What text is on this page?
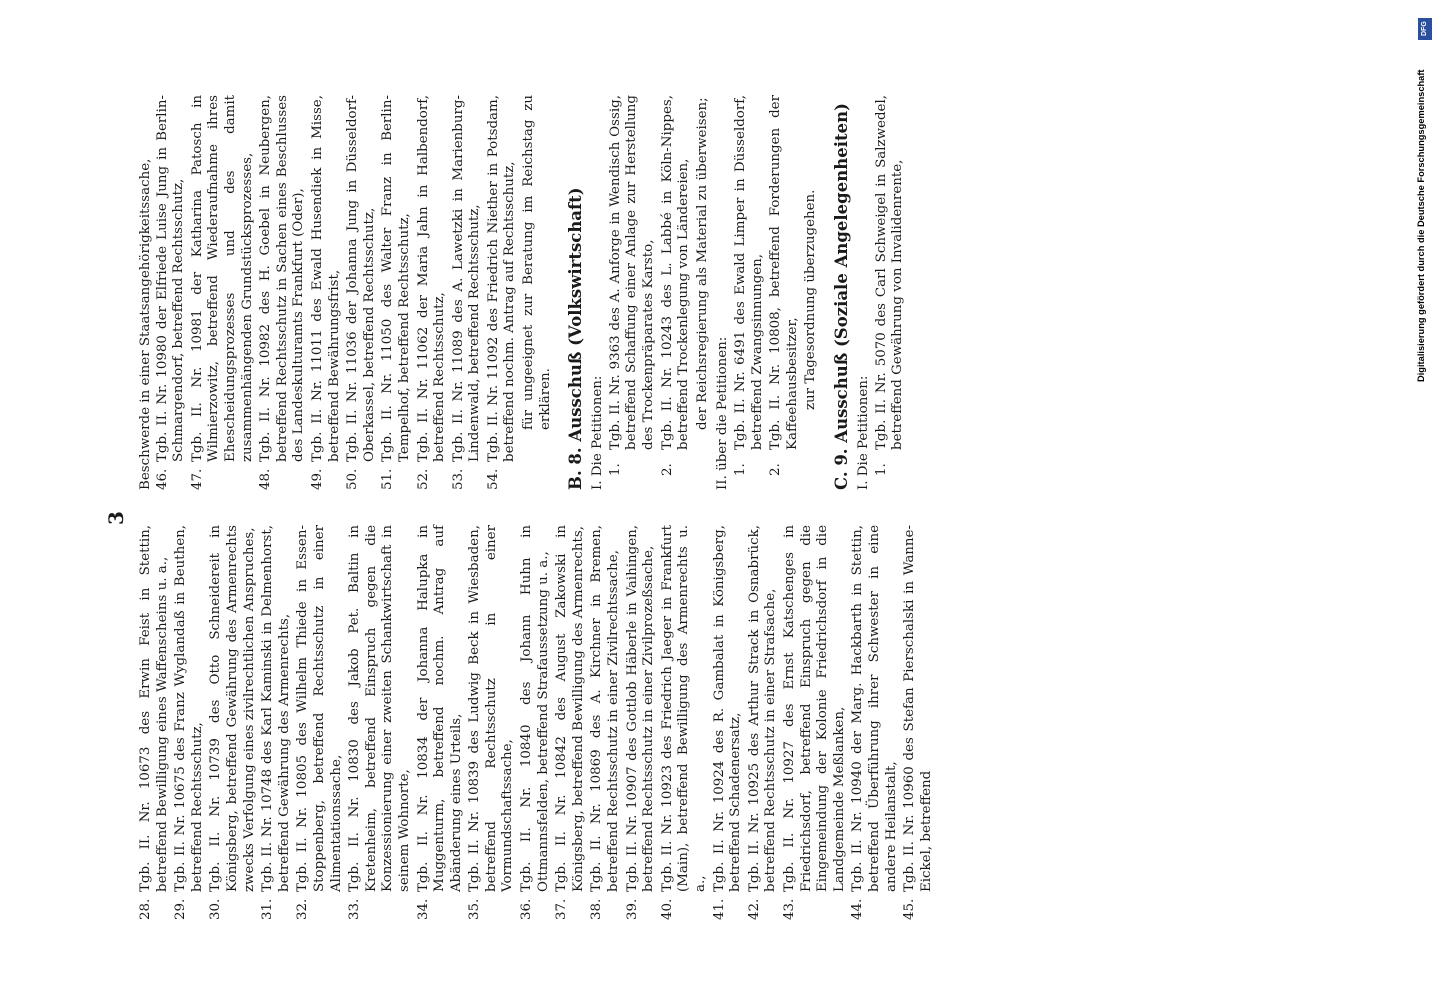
3
28.
Tgb. II. Nr. 10673 des Erwin Feist in Stettin, betreffend Bewilligung eines Waffenscheins u. a.,
29.
Tgb. II. Nr. 10675 des Franz Wyglandaß in Beuthen, betreffend Rechtsschutz,
30.
Tgb. II. Nr. 10739 des Otto Schneidereit in Königsberg, betreffend Gewährung des Armenrechts zwecks Verfolgung eines zivilrechtlichen Anspruches,
31.
Tgb. II. Nr. 10748 des Karl Kaminski in Delmenhorst, betreffend Gewährung des Armenrechts,
32.
Tgb. II. Nr. 10805 des Wilhelm Thiede in Essen-Stoppenberg, betreffend Rechtsschutz in einer Alimentationssache,
33.
Tgb. II. Nr. 10830 des Jakob Pet. Baltin in Kretenheim, betreffend Einspruch gegen die Konzessionierung einer zweiten Schankwirtschaft in seinem Wohnorte,
34.
Tgb. II. Nr. 10834 der Johanna Halupka in Muggenturm, betreffend nochm. Antrag auf Abänderung eines Urteils,
35.
Tgb. II. Nr. 10839 des Ludwig Beck in Wiesbaden, betreffend Rechtsschutz in einer Vormundschaftssache,
36.
Tgb. II. Nr. 10840 des Johann Huhn in Ottmannsfelden, betreffend Strafaussetzung u. a.,
37.
Tgb. II. Nr. 10842 des August Zakowski in Königsberg, betreffend Bewilligung des Armenrechts,
38.
Tgb. II. Nr. 10869 des A. Kirchner in Bremen, betreffend Rechtsschutz in einer Zivilrechtssache,
39.
Tgb. II. Nr. 10907 des Gottlob Häberle in Vaihingen, betreffend Rechtsschutz in einer Zivilprozeßsache,
40.
Tgb. II. Nr. 10923 des Friedrich Jaeger in Frankfurt (Main), betreffend Bewilligung des Armenrechts u. a.,
41.
Tgb. II. Nr. 10924 des R. Gambalat in Königsberg, betreffend Schadenersatz,
42.
Tgb. II. Nr. 10925 des Arthur Strack in Osnabrück, betreffend Rechtsschutz in einer Strafsache,
43.
Tgb. II. Nr. 10927 des Ernst Katschenges in Friedrichsdorf, betreffend Einspruch gegen die Eingemeindung der Kolonie Friedrichsdorf in die Landgemeinde Meßlanken,
44.
Tgb. II. Nr. 10940 der Marg. Hackbarth in Stettin, betreffend Überführung ihrer Schwester in eine andere Heilanstalt,
45.
Tgb. II. Nr. 10960 des Stefan Pierschalski in Wanne-Eickel, betreffend
Beschwerde in einer Staatsangehörigkeitssache, 46.
Tgb. II. Nr. 10980 der Elfriede Luise Jung in Berlin-Schmargendorf, betreffend Rechtsschutz,
47.
Tgb. II. Nr. 10981 der Katharina Patosch in Wilmierzowitz, betreffend Wiederaufnahme ihres Ehescheidungsprozesses und des damit zusammenhängenden Grundstücksprozesses,
48.
Tgb. II. Nr. 10982 des H. Goebel in Neubergen, betreffend Rechtsschutz in Sachen eines Beschlusses des Landeskulturamts Frankfurt (Oder),
49.
Tgb. II. Nr. 11011 des Ewald Husendiek in Misse, betreffend Bewährungsfrist,
50.
Tgb. II. Nr. 11036 der Johanna Jung in Düsseldorf-Oberkassel, betreffend Rechtsschutz,
51.
Tgb. II. Nr. 11050 des Walter Franz in Berlin-Tempelhof, betreffend Rechtsschutz,
52.
Tgb. II. Nr. 11062 der Maria Jahn in Halbendorf, betreffend Rechtsschutz,
53.
Tgb. II. Nr. 11089 des A. Lawetzki in Marienburg-Lindenwald, betreffend Rechtsschutz,
54.
Tgb. II. Nr. 11092 des Friedrich Niether in Potsdam, betreffend nochm. Antrag auf Rechtsschutz, für ungeeignet zur Beratung im Reichstag zu erklären. B. 8. Ausschuß (Volkswirtschaft) I. Die Petitionen: 1.
Tgb. II. Nr. 9363 des A. Anforge in Wendisch Ossig, betreffend Schaffung einer Anlage zur Herstellung des Trockenpräparates Karsto,
2.
Tgb. II. Nr. 10243 des L. Labbé in Köln-Nippes, betreffend Trockenlegung von Ländereien, der Reichsregierung als Material zu überweisen; II. über die Petitionen: 1.
Tgb. II. Nr. 6491 des Ewald Limper in Düsseldorf, betreffend Zwangsinnungen,
2.
Tgb. II. Nr. 10808, betreffend Forderungen der Kaffeehausbesitzer, zur Tagesordnung überzugehen. C. 9. Ausschuß (Soziale Angelegenheiten) I. Die Petitionen: 1.
Tgb. II. Nr. 5070 des Carl Schweigel in Salzwedel, betreffend Gewährung von Invalidenrente,	Digitalisierung gefördert durch die Deutsche Forschungsgemeinschaft
DFG
